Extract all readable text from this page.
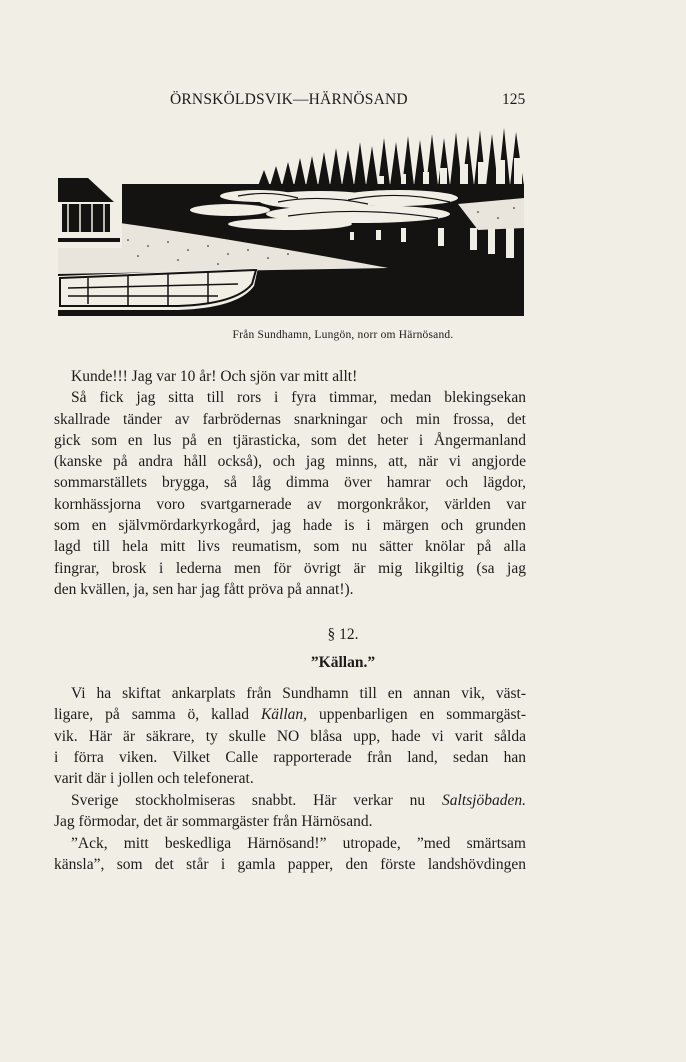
ÖRNSKÖLDSVIK—HÄRNÖSAND	125
Från Sundhamn, Lungön, norr om Härnösand.
Kunde!!! Jag var 10 år! Och sjön var mitt allt!
Så fick jag sitta till rors i fyra timmar, medan blekingsekan
skallrade tänder av farbrödernas snarkningar och min frossa, det
gick som en lus på en tjärasticka, som det heter i Ångermanland
(kanske på andra håll också), och jag minns, att, när vi angjorde
sommarställets brygga, så låg dimma över hamrar och lägdor,
kornhässjorna voro svartgarnerade av morgonkråkor, världen var
som en självmördarkyrkogård, jag hade is i märgen och grunden
lagd till hela mitt livs reumatism, som nu sätter knölar på alla
fingrar, brosk i lederna men för övrigt är mig likgiltig (sa jag
den kvällen, ja, sen har jag fått pröva på annat!).
§ 12.
”Källan.”
Vi ha skiftat ankarplats från Sundhamn till en annan vik, väst-
ligare, på samma ö, kallad Källan, uppenbarligen en sommargäst-
vik. Här är säkrare, ty skulle NO blåsa upp, hade vi varit sålda
i förra viken. Vilket Calle rapporterade från land, sedan han
varit där i jollen och telefonerat.
Sverige stockholmiseras snabbt. Här verkar nu Saltsjöbaden.
Jag förmodar, det är sommargäster från Härnösand.
”Ack, mitt beskedliga Härnösand!” utropade, ”med smärtsam
känsla”, som det står i gamla papper, den förste landshövdingen
